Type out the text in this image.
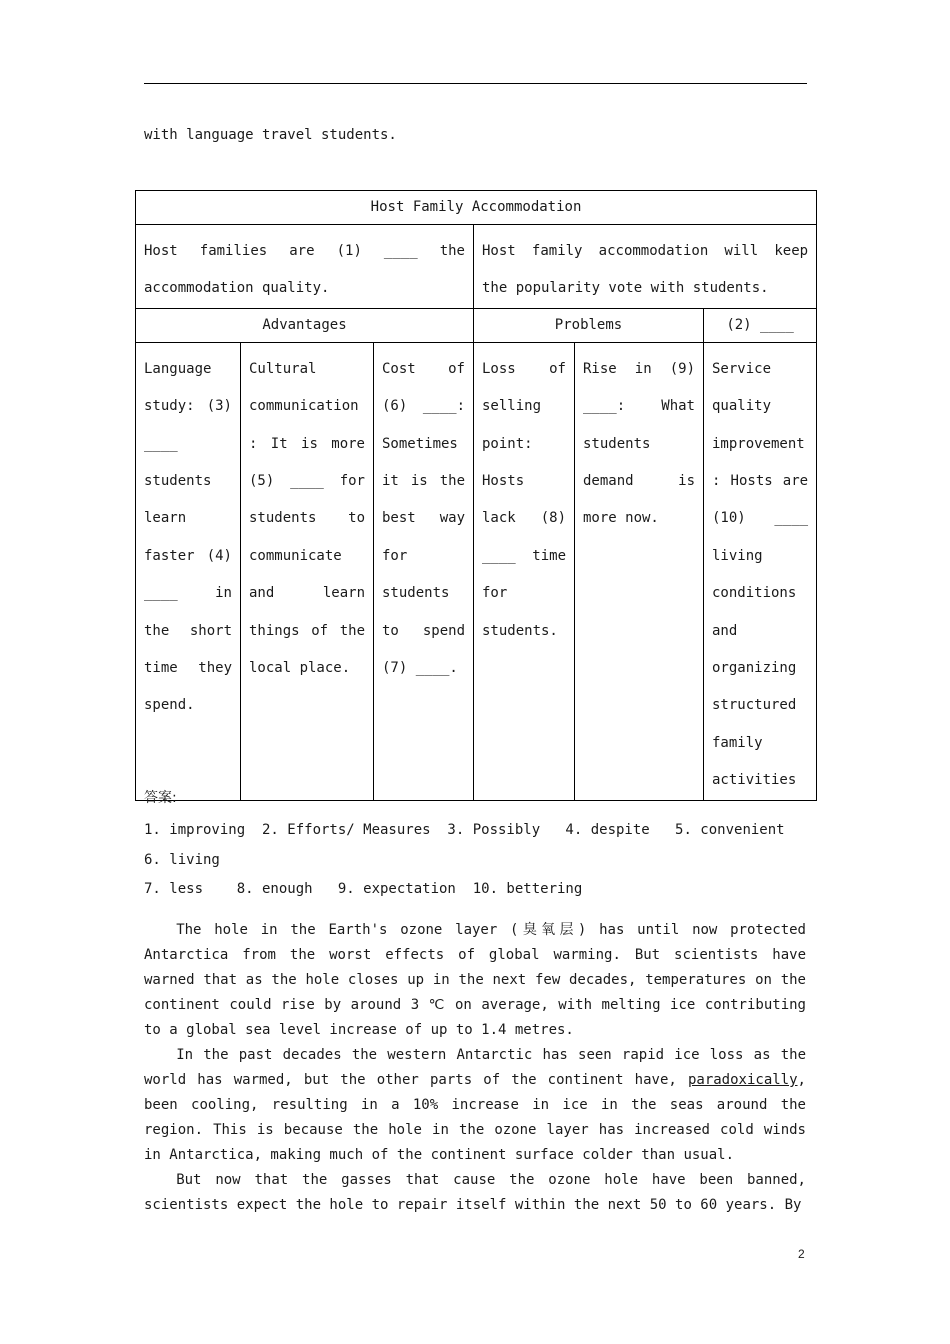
with language travel students.
Host Family Accommodation					
Host families are (1) ____ the accommodation quality.			Host family accommodation will keep the popularity vote with students.		
Advantages			Problems		(2) ____
Language study: (3) ____ students learn faster (4) ____ in the short time they spend.	Cultural communication: It is more (5) ____ for students to communicate and learn things of the local place.	Cost of (6) ____: Sometimes it is the best way for students to spend (7) ____.	Loss of selling point: Hosts lack (8) ____ time for students.	Rise in (9) ____: What students demand is more now.	Service quality improvement: Hosts are (10) ____ living conditions and organizing structured family activities
答案:
1. improving  2. Efforts/ Measures  3. Possibly   4. despite   5. convenient
6. living
7. less    8. enough   9. expectation  10. bettering

The hole in the Earth's ozone layer (臭氧层) has until now protected Antarctica from the worst effects of global warming. But scientists have warned that as the hole closes up in the next few decades, temperatures on the continent could rise by around 3 ℃ on average, with melting ice contributing to a global sea level increase of up to 1.4 metres.

In the past decades the western Antarctic has seen rapid ice loss as the world has warmed, but the other parts of the continent have, paradoxically, been cooling, resulting in a 10% increase in ice in the seas around the region. This is because the hole in the ozone layer has increased cold winds in Antarctica, making much of the continent surface colder than usual.

But now that the gasses that cause the ozone hole have been banned, scientists expect the hole to repair itself within the next 50 to 60 years. By

2
